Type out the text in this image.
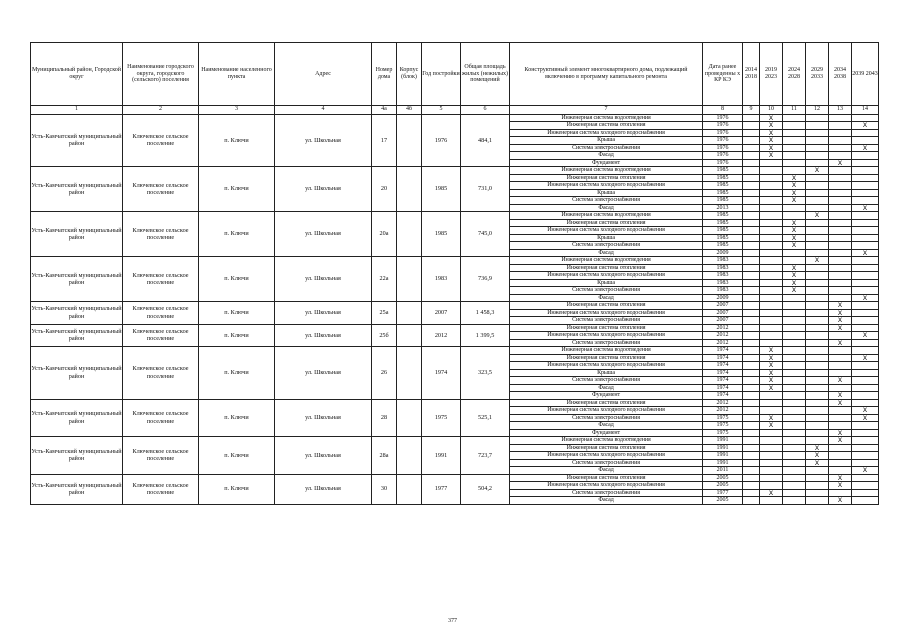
Муниципальный район, Городской округ	Наименование городского округа, городского (сельского) поселения	Наименование населенного пункта	Адрес	Номер дома	Корпус (блок)	Год постройки	Общая площадь жилых (нежилых) помещений	Конструктивный элемент многоквартирного дома, подлежащий включению в программу капитального ремонта	Дата ранее проведенны х КР КЭ	2014 2018	2019 2023	2024 2028	2029 2033	2034 2038	2039 2043
1	2	3	4	4а	4б	5	6	7	8	9	10	11	12	13	14
Усть-Камчатский муниципальный район	Ключевское сельское поселение	п. Ключи	ул. Школьная	17		1976	484,1	Инженерная система водоотведения	1976		X				
								Инженерная система отопления	1976		X				X
								Инженерная система холодного водоснабжения	1976		X				
								Крыша	1976		X				
								Система электроснабжения	1976		X				X
								Фасад	1976		X				
								Фундамент	1976					X	
Усть-Камчатский муниципальный район	Ключевское сельское поселение	п. Ключи	ул. Школьная	20		1985	731,0	Инженерная система водоотведения	1985				X		
								Инженерная система отопления	1985			X			
								Инженерная система холодного водоснабжения	1985			X			
								Крыша	1985			X			
								Система электроснабжения	1985			X			
								Фасад	2013						X
Усть-Камчатский муниципальный район	Ключевское сельское поселение	п. Ключи	ул. Школьная	20а		1985	745,0	Инженерная система водоотведения	1985				X		
								Инженерная система отопления	1985			X			
								Инженерная система холодного водоснабжения	1985			X			
								Крыша	1985			X			
								Система электроснабжения	1985			X			
								Фасад	2009						X
Усть-Камчатский муниципальный район	Ключевское сельское поселение	п. Ключи	ул. Школьная	22а		1983	736,9	Инженерная система водоотведения	1983				X		
								Инженерная система отопления	1983			X			
								Инженерная система холодного водоснабжения	1983			X			
								Крыша	1983			X			
								Система электроснабжения	1983			X			
								Фасад	2009						X
Усть-Камчатский муниципальный район	Ключевское сельское поселение	п. Ключи	ул. Школьная	25а		2007	1 458,3	Инженерная система отопления	2007					X	
								Инженерная система холодного водоснабжения	2007					X	
								Система электроснабжения	2007					X	
Усть-Камчатский муниципальный район	Ключевское сельское поселение	п. Ключи	ул. Школьная	25б		2012	1 399,5	Инженерная система отопления	2012					X	
								Инженерная система холодного водоснабжения	2012						X
								Система электроснабжения	2012					X	
Усть-Камчатский муниципальный район	Ключевское сельское поселение	п. Ключи	ул. Школьная	26		1974	323,5	Инженерная система водоотведения	1974		X				
								Инженерная система отопления	1974		X				X
								Инженерная система холодного водоснабжения	1974		X				
								Крыша	1974		X				
								Система электроснабжения	1974		X			X	
								Фасад	1974		X				
								Фундамент	1974					X	
Усть-Камчатский муниципальный район	Ключевское сельское поселение	п. Ключи	ул. Школьная	28		1975	525,1	Инженерная система отопления	2012					X	
								Инженерная система холодного водоснабжения	2012						X
								Система электроснабжения	1975		X				X
								Фасад	1975		X				
								Фундамент	1975					X	
Усть-Камчатский муниципальный район	Ключевское сельское поселение	п. Ключи	ул. Школьная	28а		1991	723,7	Инженерная система водоотведения	1991					X	
								Инженерная система отопления	1991				X		
								Инженерная система холодного водоснабжения	1991				X		
								Система электроснабжения	1991				X		
								Фасад	2011						X
Усть-Камчатский муниципальный район	Ключевское сельское поселение	п. Ключи	ул. Школьная	30		1977	504,2	Инженерная система отопления	2005					X	
								Инженерная система холодного водоснабжения	2005					X	
								Система электроснабжения	1977		X				
								Фасад	2005					X	
377
